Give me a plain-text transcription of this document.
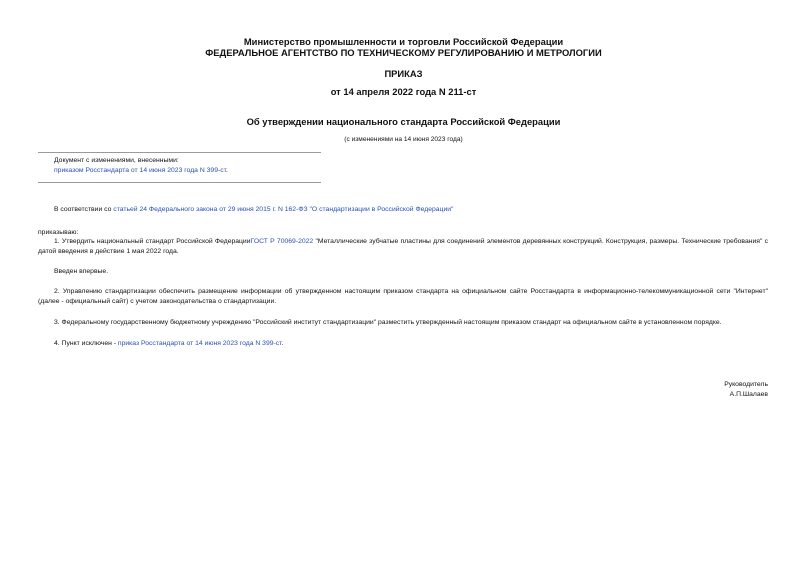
Министерство промышленности и торговли Российской Федерации
ФЕДЕРАЛЬНОЕ АГЕНТСТВО ПО ТЕХНИЧЕСКОМУ РЕГУЛИРОВАНИЮ И МЕТРОЛОГИИ
ПРИКАЗ
от 14 апреля 2022 года N 211-ст
Об утверждении национального стандарта Российской Федерации
(с изменениями на 14 июня 2023 года)
Документ с изменениями, внесенными:
приказом Росстандарта от 14 июня 2023 года N 399-ст.
В соответствии со статьей 24 Федерального закона от 29 июня 2015 г. N 162-ФЗ "О стандартизации в Российской Федерации"
приказываю:
1. Утвердить национальный стандарт Российской ФедерацииГОСТ Р 70069-2022 "Металлические зубчатые пластины для соединений элементов деревянных конструкций. Конструкция, размеры. Технические требования" с датой введения в действие 1 мая 2022 года.
Введен впервые.
2. Управлению стандартизации обеспечить размещение информации об утвержденном настоящим приказом стандарта на официальном сайте Росстандарта в информационно-телекоммуникационной сети "Интернет" (далее - официальный сайт) с учетом законодательства о стандартизации.
3. Федеральному государственному бюджетному учреждению "Российский институт стандартизации" разместить утвержденный настоящим приказом стандарт на официальном сайте в установленном порядке.
4. Пункт исключен - приказ Росстандарта от 14 июня 2023 года N 399-ст.
Руководитель
А.П.Шалаев
